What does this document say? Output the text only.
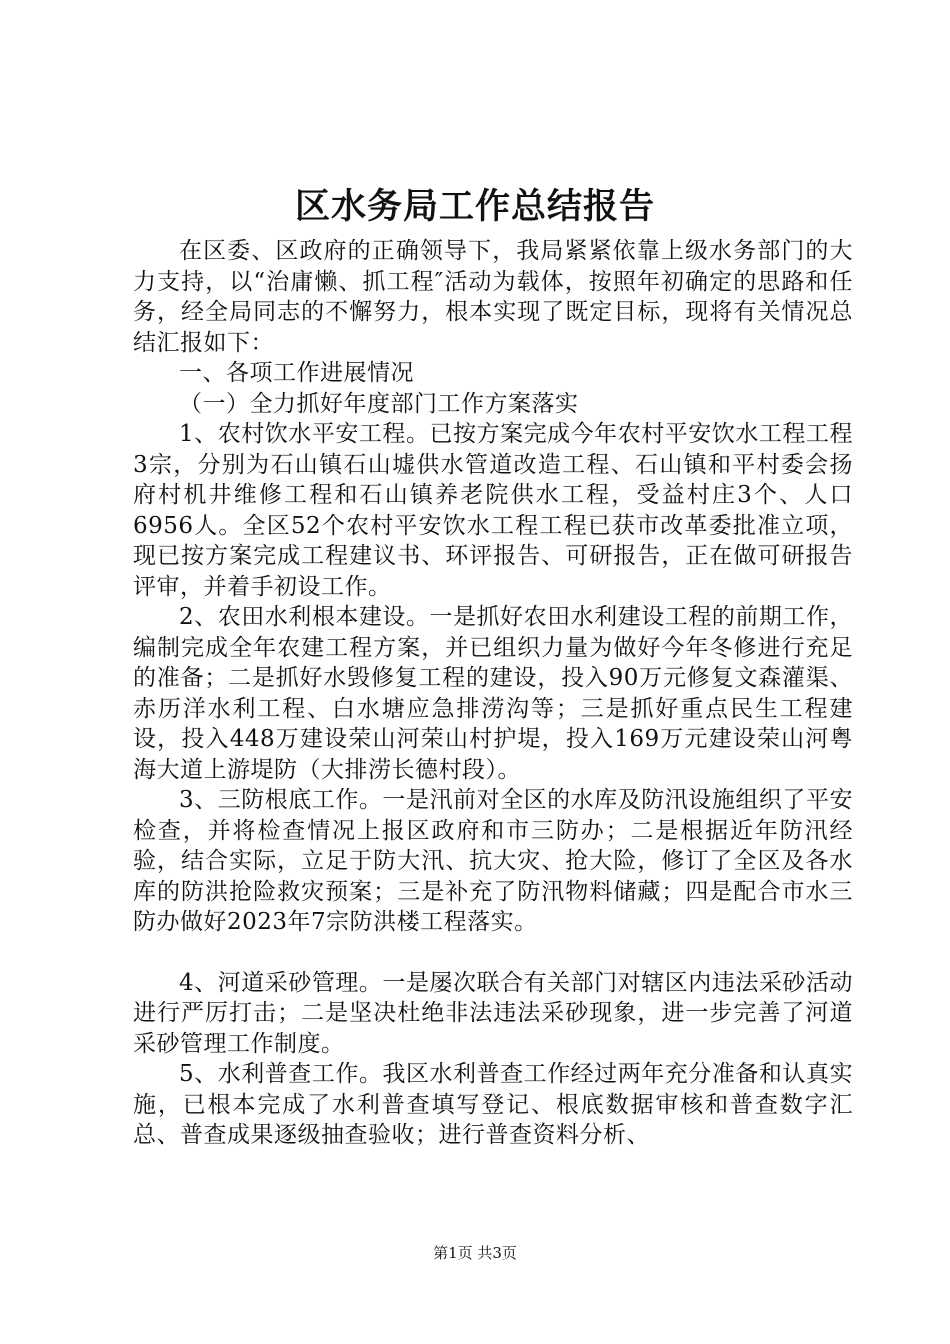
区水务局工作总结报告

在区委、区政府的正确领导下，我局紧紧依靠上级水务部门的大力支持，以“治庸懒、抓工程″活动为载体，按照年初确定的思路和任务，经全局同志的不懈努力，根本实现了既定目标，现将有关情况总结汇报如下：

一、各项工作进展情况

（一）全力抓好年度部门工作方案落实

1、农村饮水平安工程。已按方案完成今年农村平安饮水工程工程3宗，分别为石山镇石山墟供水管道改造工程、石山镇和平村委会扬府村机井维修工程和石山镇养老院供水工程，受益村庄3个、人口6956人。全区52个农村平安饮水工程工程已获市改革委批准立项，现已按方案完成工程建议书、环评报告、可研报告，正在做可研报告评审，并着手初设工作。

2、农田水利根本建设。一是抓好农田水利建设工程的前期工作，编制完成全年农建工程方案，并已组织力量为做好今年冬修进行充足的准备；二是抓好水毁修复工程的建设，投入90万元修复文森灌渠、赤历洋水利工程、白水塘应急排涝沟等；三是抓好重点民生工程建设，投入448万建设荣山河荣山村护堤，投入169万元建设荣山河粤海大道上游堤防（大排涝长德村段）。

3、三防根底工作。一是汛前对全区的水库及防汛设施组织了平安检查，并将检查情况上报区政府和市三防办；二是根据近年防汛经验，结合实际，立足于防大汛、抗大灾、抢大险，修订了全区及各水库的防洪抢险救灾预案；三是补充了防汛物料储藏；四是配合市水三防办做好2023年7宗防洪楼工程落实。

4、河道采砂管理。一是屡次联合有关部门对辖区内违法采砂活动进行严厉打击；二是坚决杜绝非法违法采砂现象，进一步完善了河道采砂管理工作制度。

5、水利普查工作。我区水利普查工作经过两年充分准备和认真实施，已根本完成了水利普查填写登记、根底数据审核和普查数字汇总、普查成果逐级抽查验收；进行普查资料分析、

第1页 共3页
